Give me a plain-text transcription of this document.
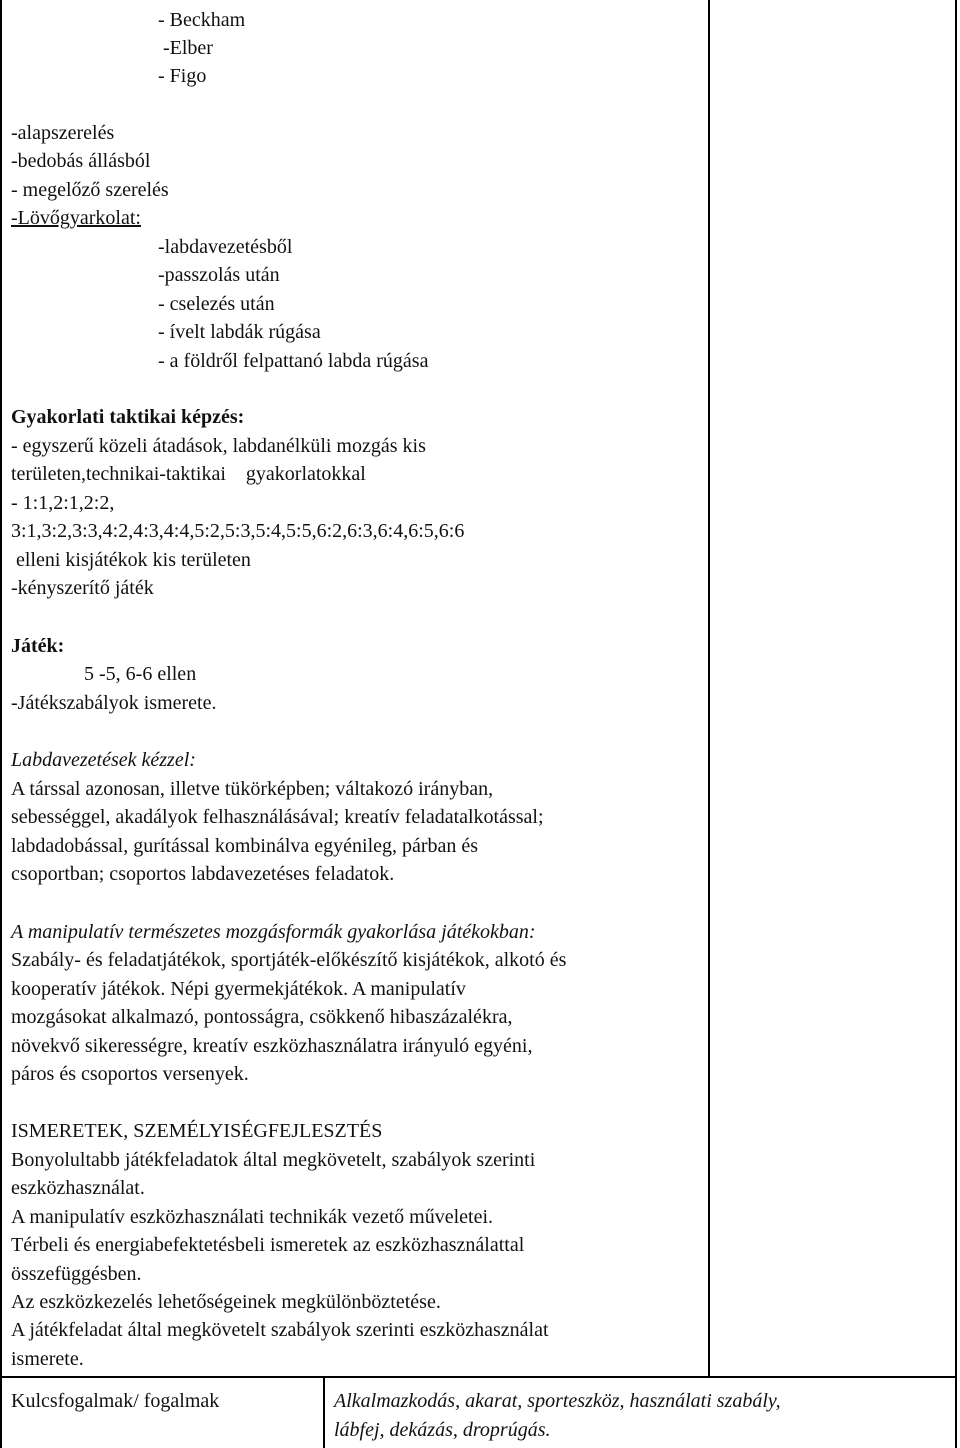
- Beckham
-Elber
- Figo
-alapszerelés
-bedobás állásból
- megelőző szerelés
-Lövőgyarkolat:
-labdavezetésből
-passzolás után
- cselezés után
- ívelt labdák rúgása
- a földről felpattanó labda rúgása
Gyakorlati taktikai képzés:
- egyszerű közeli átadások, labdanélküli mozgás kis
területen,technikai-taktikai    gyakorlatokkal
- 1:1,2:1,2:2,
3:1,3:2,3:3,4:2,4:3,4:4,5:2,5:3,5:4,5:5,6:2,6:3,6:4,6:5,6:6
elleni kisjátékok kis területen
-kényszerítő játék
Játék:
5 -5, 6-6 ellen
-Játékszabályok ismerete.
Labdavezetések kézzel:
A társsal azonosan, illetve tükörképben; váltakozó irányban,
sebességgel, akadályok felhasználásával; kreatív feladatalkotással;
labdadobással, gurítással kombinálva egyénileg, párban és
csoportban; csoportos labdavezetéses feladatok.
A manipulatív természetes mozgásformák gyakorlása játékokban:
Szabály- és feladatjátékok, sportjáték-előkészítő kisjátékok, alkotó és
kooperatív játékok. Népi gyermekjátékok. A manipulatív
mozgásokat alkalmazó, pontosságra, csökkenő hibaszázalékra,
növekvő sikerességre, kreatív eszközhasználatra irányuló egyéni,
páros és csoportos versenyek.
ISMERETEK, SZEMÉLYISÉGFEJLESZTÉS
Bonyolultabb játékfeladatok által megkövetelt, szabályok szerinti
eszközhasználat.
A manipulatív eszközhasználati technikák vezető műveletei.
Térbeli és energiabefektetésbeli ismeretek az eszközhasználattal
összefüggésben.
Az eszközkezelés lehetőségeinek megkülönböztetése.
A játékfeladat által megkövetelt szabályok szerinti eszközhasználat
ismerete.
Kulcsfogalmak/ fogalmak	Alkalmazkodás, akarat, sporteszköz, használati szabály,
lábfej, dekázás, droprúgás.
